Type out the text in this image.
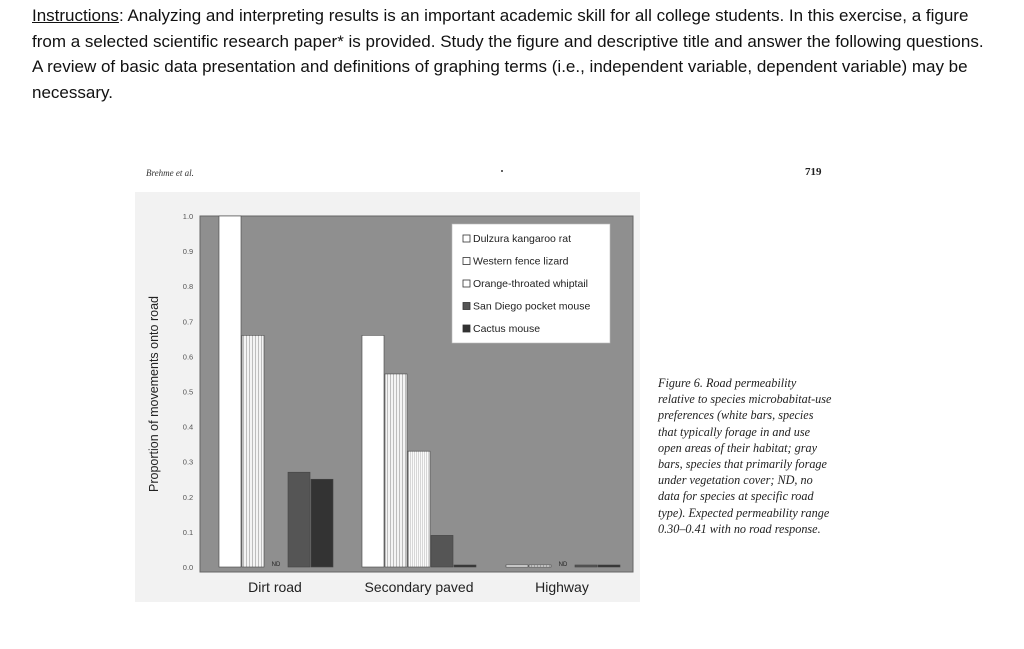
Instructions: Analyzing and interpreting results is an important academic skill for all college students. In this exercise, a figure from a selected scientific research paper* is provided. Study the figure and descriptive title and answer the following questions. A review of basic data presentation and definitions of graphing terms (i.e., independent variable, dependent variable) may be necessary.

Brehme et al.	719
0.0
0.1
0.2
0.3
0.4
0.5
0.6
0.7
0.8
0.9
1.0
ND	ND
Dirt road	Secondary paved	Highway
Proportion of movements onto road
Dulzura kangaroo rat
Western fence lizard
Orange-throated whiptail
San Diego pocket mouse
Cactus mouse

Figure 6. Road permeability relative to species microbabitat-use preferences (white bars, species that typically forage in and use open areas of their habitat; gray bars, species that primarily forage under vegetation cover; ND, no data for species at specific road type). Expected permeability range 0.30–0.41 with no road response.
